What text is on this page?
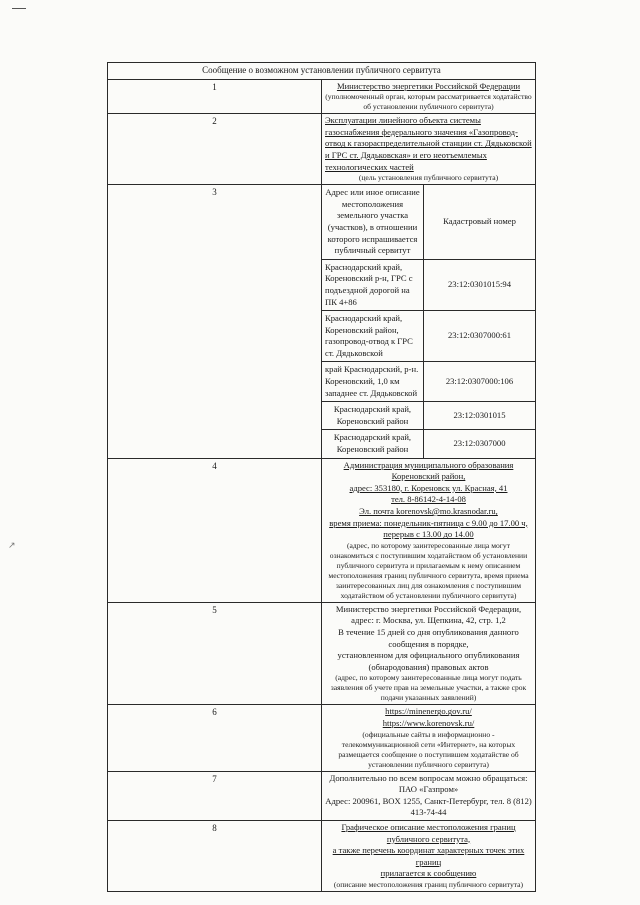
↗
Сообщение о возможном установлении публичного сервитута
1	Министерство энергетики Российской Федерации
(уполномоченный орган, которым рассматривается ходатайство об установлении публичного сервитута)

2	Эксплуатации линейного объекта системы газоснабжения федерального значения «Газопровод-отвод к газораспределительной станции ст. Дядьковской и ГРС ст. Дядьковская» и его неотъемлемых технологических частей
(цель установления публичного сервитута)

3		Адрес или иное описание местоположения земельного участка (участков), в отношении которого испрашивается публичный сервитут	Кадастровый номер
Краснодарский край, Кореновский р-н, ГРС с подъездной дорогой на ПК 4+86	23:12:0301015:94
Краснодарский край, Кореновский район, газопровод-отвод к ГРС ст. Дядьковской	23:12:0307000:61
край Краснодарский, р-н. Кореновский, 1,0 км западнее ст. Дядьковской	23:12:0307000:106
Краснодарский край, Кореновский район	23:12:0301015
Краснодарский край, Кореновский район	23:12:0307000

4	Администрация муниципального образования Кореновский район,
адрес: 353180, г. Кореновск ул. Красная, 41
тел. 8-86142-4-14-08
Эл. почта korenovsk@mo.krasnodar.ru,
время приема: понедельник-пятница с 9.00 до 17.00 ч,
перерыв с 13.00 до 14.00
(адрес, по которому заинтересованные лица могут ознакомиться с поступившим ходатайством об установлении публичного сервитута и прилагаемым к нему описанием местоположения границ публичного сервитута, время приема заинтересованных лиц для ознакомления с поступившим ходатайством об установлении публичного сервитута)

5	Министерство энергетики Российской Федерации,
адрес: г. Москва, ул. Щепкина, 42, стр. 1,2
В течение 15 дней со дня опубликования данного сообщения в порядке,
установленном для официального опубликования
(обнародования) правовых актов
(адрес, по которому заинтересованные лица могут подать заявления об учете прав на земельные участки, а также срок подачи указанных заявлений)

6	https://minenergo.gov.ru/
https://www.korenovsk.ru/
(официальные сайты в информационно - телекоммуникационной сети «Интернет», на которых размещается сообщение о поступившем ходатайстве об установлении публичного сервитута)

7	Дополнительно по всем вопросам можно обращаться:
ПАО «Газпром»
Адрес: 200961, BOX 1255, Санкт-Петербург, тел. 8 (812) 413-74-44

8	Графическое описание местоположения границ публичного сервитута,
а также перечень координат характерных точек этих границ
прилагается к сообщению
(описание местоположения границ публичного сервитута)
